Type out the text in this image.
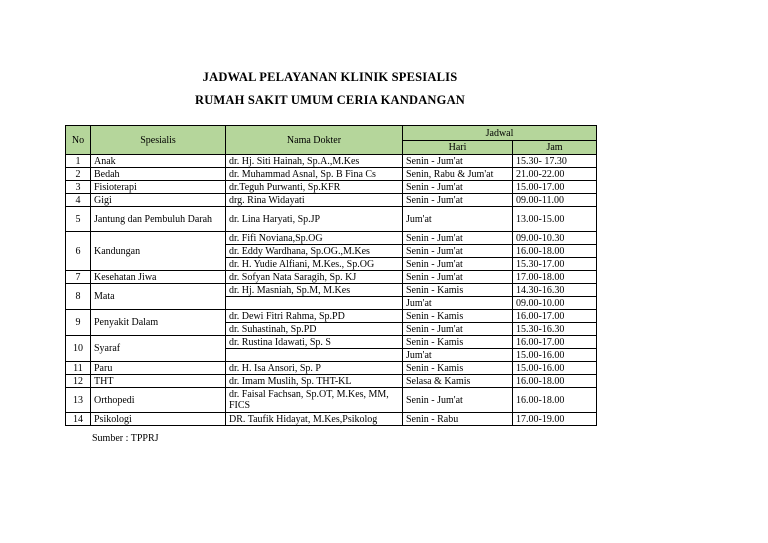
JADWAL PELAYANAN KLINIK SPESIALIS
RUMAH SAKIT UMUM CERIA KANDANGAN
No	Spesialis	Nama Dokter	Jadwal	
			Hari	Jam
1	Anak	dr. Hj. Siti Hainah, Sp.A.,M.Kes	Senin - Jum'at	15.30- 17.30
2	Bedah	dr. Muhammad Asnal, Sp. B Fina Cs	Senin, Rabu & Jum'at	21.00-22.00
3	Fisioterapi	dr.Teguh Purwanti, Sp.KFR	Senin - Jum'at	15.00-17.00
4	Gigi	drg. Rina Widayati	Senin - Jum'at	09.00-11.00
5	Jantung dan Pembuluh Darah	dr. Lina Haryati, Sp.JP	Jum'at	13.00-15.00
6	Kandungan	dr. Fifi Noviana,Sp.OG	Senin - Jum'at	09.00-10.30
		dr. Eddy Wardhana, Sp.OG.,M.Kes	Senin - Jum'at	16.00-18.00
		dr. H. Yudie Alfiani, M.Kes., Sp.OG	Senin - Jum'at	15.30-17.00
7	Kesehatan Jiwa	dr. Sofyan Nata Saragih, Sp. KJ	Senin - Jum'at	17.00-18.00
8	Mata	dr. Hj. Masniah, Sp.M, M.Kes	Senin - Kamis	14.30-16.30
			Jum'at	09.00-10.00
9	Penyakit Dalam	dr. Dewi Fitri Rahma, Sp.PD	Senin - Kamis	16.00-17.00
		dr. Suhastinah, Sp.PD	Senin - Jum'at	15.30-16.30
10	Syaraf	dr. Rustina Idawati, Sp. S	Senin - Kamis	16.00-17.00
			Jum'at	15.00-16.00
11	Paru	dr. H. Isa Ansori, Sp. P	Senin - Kamis	15.00-16.00
12	THT	dr. Imam Muslih, Sp. THT-KL	Selasa & Kamis	16.00-18.00
13	Orthopedi	dr. Faisal Fachsan, Sp.OT, M.Kes, MM, FICS	Senin - Jum'at	16.00-18.00
14	Psikologi	DR. Taufik Hidayat, M.Kes,Psikolog	Senin - Rabu	17.00-19.00
Sumber : TPPRJ
